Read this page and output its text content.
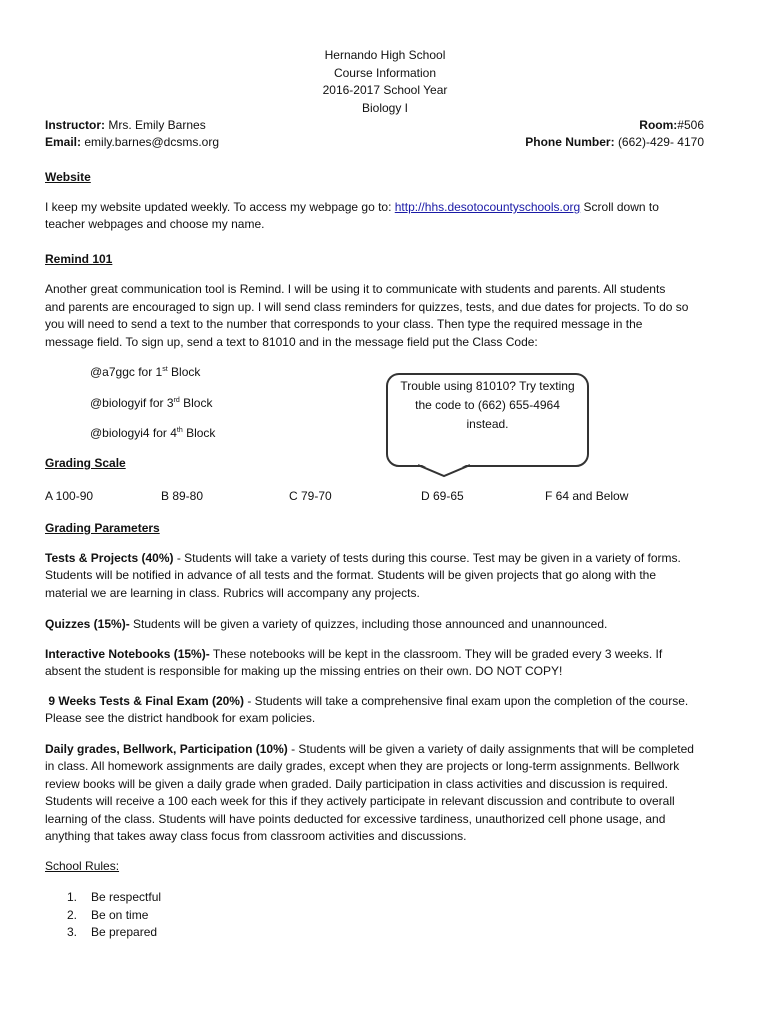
Hernando High School
Course Information
2016-2017 School Year
Biology I
Instructor: Mrs. Emily Barnes
Email: emily.barnes@dcsms.org
Room:#506
Phone Number: (662)-429- 4170
Website
I keep my website updated weekly. To access my webpage go to: http://hhs.desotocountyschools.org Scroll down to
teacher webpages and choose my name.
Remind 101
Another great communication tool is Remind. I will be using it to communicate with students and parents. All students
and parents are encouraged to sign up. I will send class reminders for quizzes, tests, and due dates for projects. To do so
you will need to send a text to the number that corresponds to your class. Then type the required message in the
message field. To sign up, send a text to 81010 and in the message field put the Class Code:
@a7ggc for 1st Block
@biologyif for 3rd Block
@biologyi4 for 4th Block
Trouble using 81010? Try texting
the code to (662) 655-4964
instead.
Grading Scale
A 100-90	B 89-80	C 79-70	D 69-65	F 64 and Below
Grading Parameters
Tests & Projects (40%) - Students will take a variety of tests during this course. Test may be given in a variety of forms.
Students will be notified in advance of all tests and the format. Students will be given projects that go along with the
material we are learning in class. Rubrics will accompany any projects.
Quizzes (15%)- Students will be given a variety of quizzes, including those announced and unannounced.
Interactive Notebooks (15%)- These notebooks will be kept in the classroom. They will be graded every 3 weeks. If
absent the student is responsible for making up the missing entries on their own. DO NOT COPY!
9 Weeks Tests & Final Exam (20%) - Students will take a comprehensive final exam upon the completion of the course.
Please see the district handbook for exam policies.
Daily grades, Bellwork, Participation (10%) - Students will be given a variety of daily assignments that will be completed
in class. All homework assignments are daily grades, except when they are projects or long-term assignments. Bellwork
review books will be given a daily grade when graded. Daily participation in class activities and discussion is required.
Students will receive a 100 each week for this if they actively participate in relevant discussion and contribute to overall
learning of the class. Students will have points deducted for excessive tardiness, unauthorized cell phone usage, and
anything that takes away class focus from classroom activities and discussions.
School Rules:
1. Be respectful
2. Be on time
3. Be prepared
